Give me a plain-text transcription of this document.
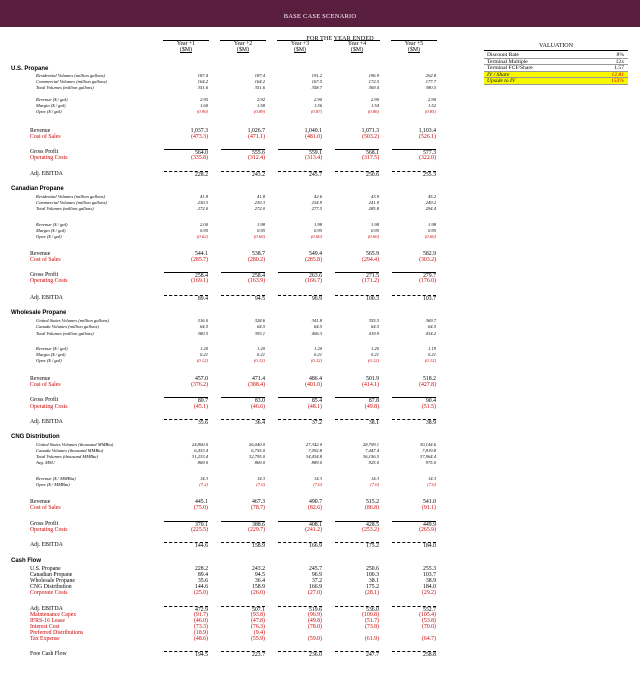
BASE CASE SCENARIO
FOR THE YEAR ENDED
Year +1
($M)
Year +2
($M)
Year +3
($M)
Year +4
($M)
Year +5
($M)
U.S. Propane
Residential Volumes (million gallons)	187.4	187.4	191.2	196.9	202.8
Commercial Volumes (million gallons)	164.2	164.2	167.5	172.5	177.7
Total Volumes (million gallons)	351.6	351.6	358.7	369.4	380.5
Revenue ($ / gal)	2.95	2.92	2.90	2.90	2.90
Margin ($ / gal)	1.60	1.58	1.56	1.54	1.52
Opex ($ / gal)	(0.90)	(0.89)	(0.87)	(0.86)	(0.85)
Revenue	1,037.3	1,026.7	1,040.1	1,071.3	1,103.4
Cost of Sales	(473.3)	(471.1)	(481.0)	(503.2)	(526.1)
Gross Profit	564.0	555.6	559.1	568.1	577.3
Operating Costs	(335.8)	(312.4)	(313.4)	(317.5)	(322.0)
Adj. EBITDA	228.2	243.2	245.7	250.6	255.3
Canadian Propane
Residential Volumes (million gallons)	41.8	41.8	42.6	43.9	45.2
Commercial Volumes (million gallons)	230.3	230.3	234.9	241.9	249.2
Total Volumes (million gallons)	272.0	272.0	277.5	285.8	294.4
Revenue ($ / gal)	2.00	1.98	1.98	1.98	1.98
Margin ($ / gal)	0.95	0.95	0.95	0.95	0.95
Opex ($ / gal)	(0.62)	(0.60)	(0.60)	(0.60)	(0.60)
Revenue	544.1	538.7	549.4	565.9	582.9
Cost of Sales	(285.7)	(280.2)	(285.8)	(294.4)	(303.2)
Gross Profit	258.4	258.4	263.6	271.5	279.7
Operating Costs	(169.1)	(163.9)	(166.7)	(171.2)	(176.0)
Adj. EBITDA	89.4	94.5	96.9	100.3	103.7
Wholesale Propane
United States Volumes (million gallons)	316.0	328.6	341.8	355.5	369.7
Canada Volumes (million gallons)	64.5	64.5	64.5	64.5	64.5
Total Volumes (million gallons)	380.5	393.1	406.3	419.9	434.2
Revenue ($ / gal)	1.20	1.20	1.20	1.20	1.19
Margin ($ / gal)	0.21	0.21	0.21	0.21	0.21
Opex ($ / gal)	(0.12)	(0.12)	(0.12)	(0.12)	(0.12)
Revenue	457.0	471.4	486.4	501.9	518.2
Cost of Sales	(376.2)	(388.4)	(401.0)	(414.1)	(427.8)
Gross Profit	80.7	83.0	85.4	87.8	90.4
Operating Costs	(45.1)	(46.6)	(48.1)	(49.8)	(51.5)
Adj. EBITDA	35.6	36.4	37.2	38.1	38.9
CNG Distribution
United States Volumes (thousand MMBtu)	24,800.0	26,040.0	27,342.0	28,709.1	30,144.6
Canada Volumes (thousand MMBtu)	6,433.4	6,755.0	7,092.8	7,447.4	7,819.8
Total Volumes (thousand MMBtu)	31,233.4	32,795.0	34,434.8	36,156.5	37,964.4
Avg. MSU	869.0	869.0	889.0	925.0	975.0
Revenue ($ / MMBtu)	14.3	14.3	14.3	14.3	14.3
Opex ($ / MMBtu)	(7.2)	(7.0)	(7.0)	(7.0)	(7.0)
Revenue	445.1	467.3	490.7	515.2	541.0
Cost of Sales	(75.0)	(78.7)	(82.6)	(86.8)	(91.1)
Gross Profit	370.1	388.6	408.1	428.5	449.9
Operating Costs	(225.5)	(229.7)	(241.2)	(253.2)	(265.9)
Adj. EBITDA	144.6	158.9	166.9	175.2	184.0
Cash Flow
U.S. Propane	228.2	243.2	245.7	250.6	255.3
Canadian Propane	89.4	94.5	96.9	100.3	103.7
Wholesale Propane	35.6	36.4	37.2	38.1	38.9
CNG Distribution	144.6	158.9	166.9	175.2	184.0
Corporate Costs	(25.0)	(26.0)	(27.0)	(28.1)	(29.2)
Adj. EBITDA	472.9	507.1	519.6	536.0	552.7
Maintenance Capex	(91.7)	(93.8)	(96.9)	(100.8)	(105.4)
IFRS-16 Lease	(46.0)	(47.8)	(49.8)	(51.7)	(53.8)
Interest Cost	(73.3)	(76.3)	(78.0)	(73.8)	(70.0)
Preferred Distributions	(18.9)	(9.4)
Tax Expense	(48.6)	(55.9)	(59.0)	(61.9)	(64.7)
Free Cash Flow	194.5	223.7	236.0	247.7	258.8
VALUATION
Discount Rate	8%
Terminal Multiple	12x
Terminal FCF/Share	1.57
IV / Share	12.81
Upside to IV	153%
